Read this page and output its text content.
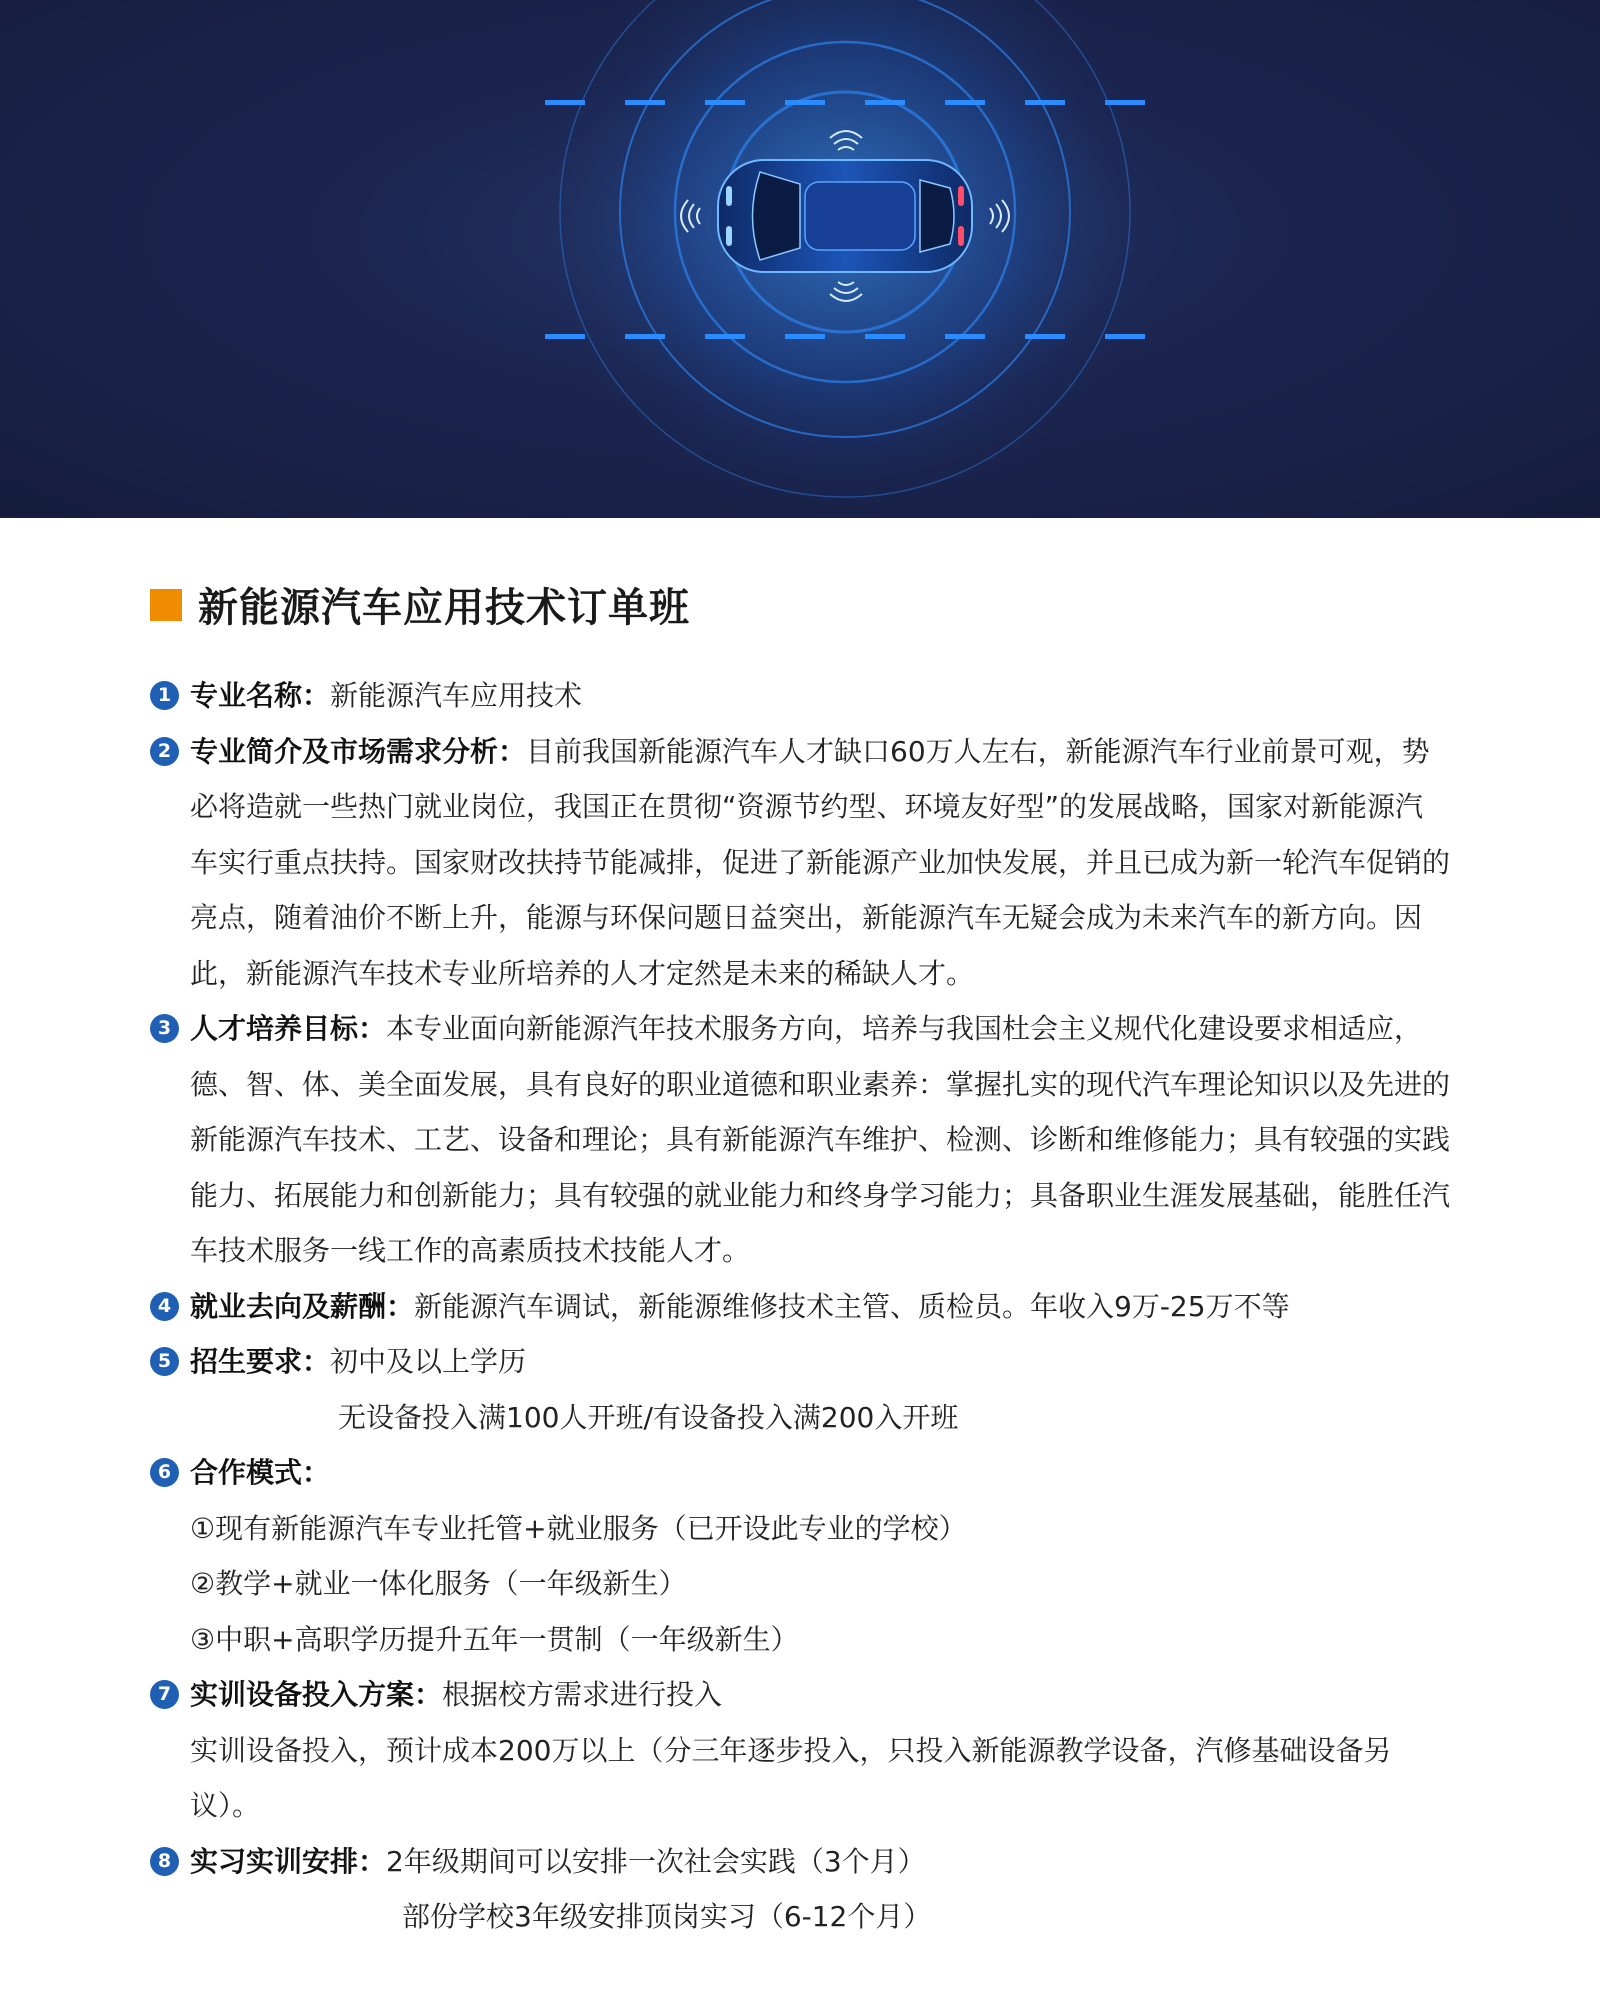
新能源汽车应用技术订单班
1 专业名称：新能源汽车应用技术
2 专业简介及市场需求分析：目前我国新能源汽车人才缺口60万人左右，新能源汽车行业前景可观，势必将造就一些热门就业岗位，我国正在贯彻“资源节约型、环境友好型”的发展战略，国家对新能源汽车实行重点扶持。国家财改扶持节能减排，促进了新能源产业加快发展，并且已成为新一轮汽车促销的亮点，随着油价不断上升，能源与环保问题日益突出，新能源汽车无疑会成为未来汽车的新方向。因此，新能源汽车技术专业所培养的人才定然是未来的稀缺人才。
3 人才培养目标：本专业面向新能源汽年技术服务方向，培养与我国杜会主义规代化建设要求相适应，德、智、体、美全面发展，具有良好的职业道德和职业素养：掌握扎实的现代汽车理论知识以及先进的新能源汽车技术、工艺、设备和理论；具有新能源汽车维护、检测、诊断和维修能力；具有较强的实践能力、拓展能力和创新能力；具有较强的就业能力和终身学习能力；具备职业生涯发展基础，能胜任汽车技术服务一线工作的高素质技术技能人才。
4 就业去向及薪酬：新能源汽车调试，新能源维修技术主管、质检员。年收入9万-25万不等
5 招生要求：初中及以上学历
无设备投入满100人开班/有设备投入满200入开班
6 合作模式：
①现有新能源汽车专业托管+就业服务（已开设此专业的学校）
②教学+就业一体化服务（一年级新生）
③中职+高职学历提升五年一贯制（一年级新生）
7 实训设备投入方案：根据校方需求进行投入
实训设备投入，预计成本200万以上（分三年逐步投入，只投入新能源教学设备，汽修基础设备另议）。
8 实习实训安排：2年级期间可以安排一次社会实践（3个月）
部份学校3年级安排顶岗实习（6-12个月）
